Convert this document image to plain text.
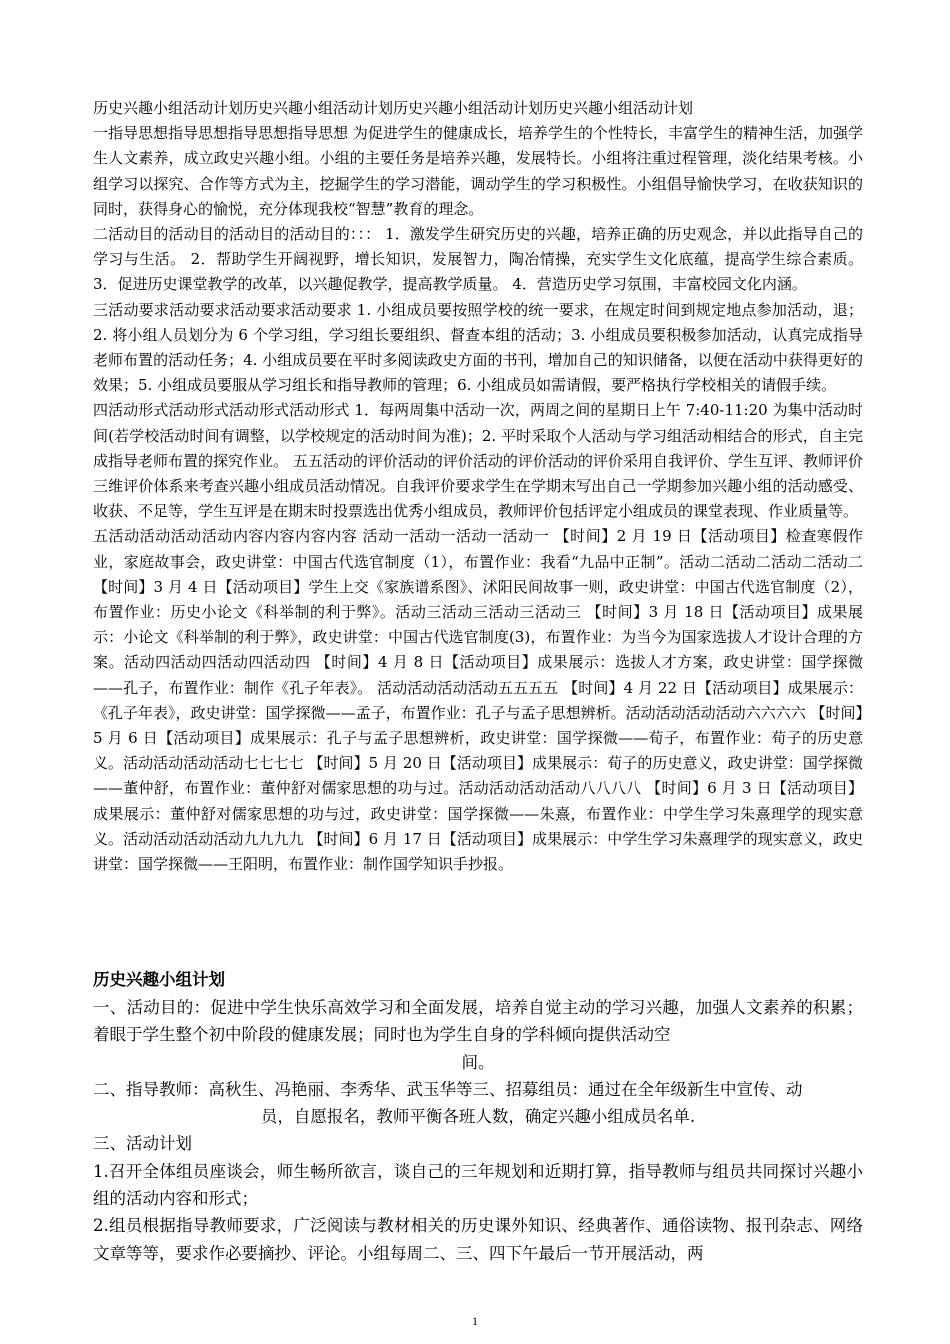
历史兴趣小组活动计划历史兴趣小组活动计划历史兴趣小组活动计划历史兴趣小组活动计划

一指导思想指导思想指导思想指导思想 为促进学生的健康成长，培养学生的个性特长，丰富学生的精神生活，加强学生人文素养，成立政史兴趣小组。小组的主要任务是培养兴趣，发展特长。小组将注重过程管理，淡化结果考核。小组学习以探究、合作等方式为主，挖掘学生的学习潜能，调动学生的学习积极性。小组倡导愉快学习，在收获知识的同时，获得身心的愉悦，充分体现我校“智慧”教育的理念。

二活动目的活动目的活动目的活动目的：：： 1．激发学生研究历史的兴趣，培养正确的历史观念，并以此指导自己的学习与生活。 2．帮助学生开阔视野，增长知识，发展智力，陶冶情操，充实学生文化底蕴，提高学生综合素质。 3．促进历史课堂教学的改革，以兴趣促教学，提高教学质量。 4．营造历史学习氛围，丰富校园文化内涵。

三活动要求活动要求活动要求活动要求 1. 小组成员要按照学校的统一要求，在规定时间到规定地点参加活动，退； 2. 将小组人员划分为 6 个学习组，学习组长要组织、督查本组的活动；3. 小组成员要积极参加活动，认真完成指导老师布置的活动任务；4. 小组成员要在平时多阅读政史方面的书刊，增加自己的知识储备，以便在活动中获得更好的效果；5. 小组成员要服从学习组长和指导教师的管理；6. 小组成员如需请假，要严格执行学校相关的请假手续。

四活动形式活动形式活动形式活动形式 1．每两周集中活动一次，两周之间的星期日上午 7:40-11:20 为集中活动时间(若学校活动时间有调整，以学校规定的活动时间为准)；2. 平时采取个人活动与学习组活动相结合的形式，自主完成指导老师布置的探究作业。 五五活动的评价活动的评价活动的评价活动的评价采用自我评价、学生互评、教师评价三维评价体系来考查兴趣小组成员活动情况。自我评价要求学生在学期末写出自己一学期参加兴趣小组的活动感受、收获、不足等，学生互评是在期末时投票选出优秀小组成员，教师评价包括评定小组成员的课堂表现、作业质量等。

五活动活动活动活动内容内容内容内容 活动一活动一活动一活动一 【时间】2 月 19 日【活动项目】检查寒假作业，家庭故事会，政史讲堂：中国古代选官制度（1），布置作业：我看“九品中正制”。活动二活动二活动二活动二 【时间】3 月 4 日【活动项目】学生上交《家族谱系图》、沭阳民间故事一则，政史讲堂：中国古代选官制度（2），布置作业：历史小论文《科举制的利于弊》。活动三活动三活动三活动三 【时间】3 月 18 日【活动项目】成果展示：小论文《科举制的利于弊》，政史讲堂：中国古代选官制度(3)，布置作业：为当今为国家选拔人才设计合理的方案。活动四活动四活动四活动四 【时间】4 月 8 日【活动项目】成果展示：选拔人才方案，政史讲堂：国学探微——孔子，布置作业：制作《孔子年表》。 活动活动活动活动五五五五 【时间】4 月 22 日【活动项目】成果展示：《孔子年表》，政史讲堂：国学探微——孟子，布置作业：孔子与孟子思想辨析。活动活动活动活动六六六六 【时间】5 月 6 日【活动项目】成果展示：孔子与孟子思想辨析，政史讲堂：国学探微——荀子，布置作业：荀子的历史意义。活动活动活动活动七七七七 【时间】5 月 20 日【活动项目】成果展示：荀子的历史意义，政史讲堂：国学探微——董仲舒，布置作业：董仲舒对儒家思想的功与过。活动活动活动活动八八八八 【时间】6 月 3 日【活动项目】成果展示：董仲舒对儒家思想的功与过，政史讲堂：国学探微——朱熹，布置作业：中学生学习朱熹理学的现实意义。活动活动活动活动九九九九 【时间】6 月 17 日【活动项目】成果展示：中学生学习朱熹理学的现实意义，政史讲堂：国学探微——王阳明，布置作业：制作国学知识手抄报。

历史兴趣小组计划

一、活动目的：促进中学生快乐高效学习和全面发展，培养自觉主动的学习兴趣，加强人文素养的积累；着眼于学生整个初中阶段的健康发展；同时也为学生自身的学科倾向提供活动空

间。

二、指导教师：高秋生、冯艳丽、李秀华、武玉华等三、招募组员：通过在全年级新生中宣传、动

员，自愿报名，教师平衡各班人数，确定兴趣小组成员名单.

三、活动计划

1.召开全体组员座谈会，师生畅所欲言，谈自己的三年规划和近期打算，指导教师与组员共同探讨兴趣小组的活动内容和形式；

2.组员根据指导教师要求，广泛阅读与教材相关的历史课外知识、经典著作、通俗读物、报刊杂志、网络文章等等，要求作必要摘抄、评论。小组每周二、三、四下午最后一节开展活动，两

1
